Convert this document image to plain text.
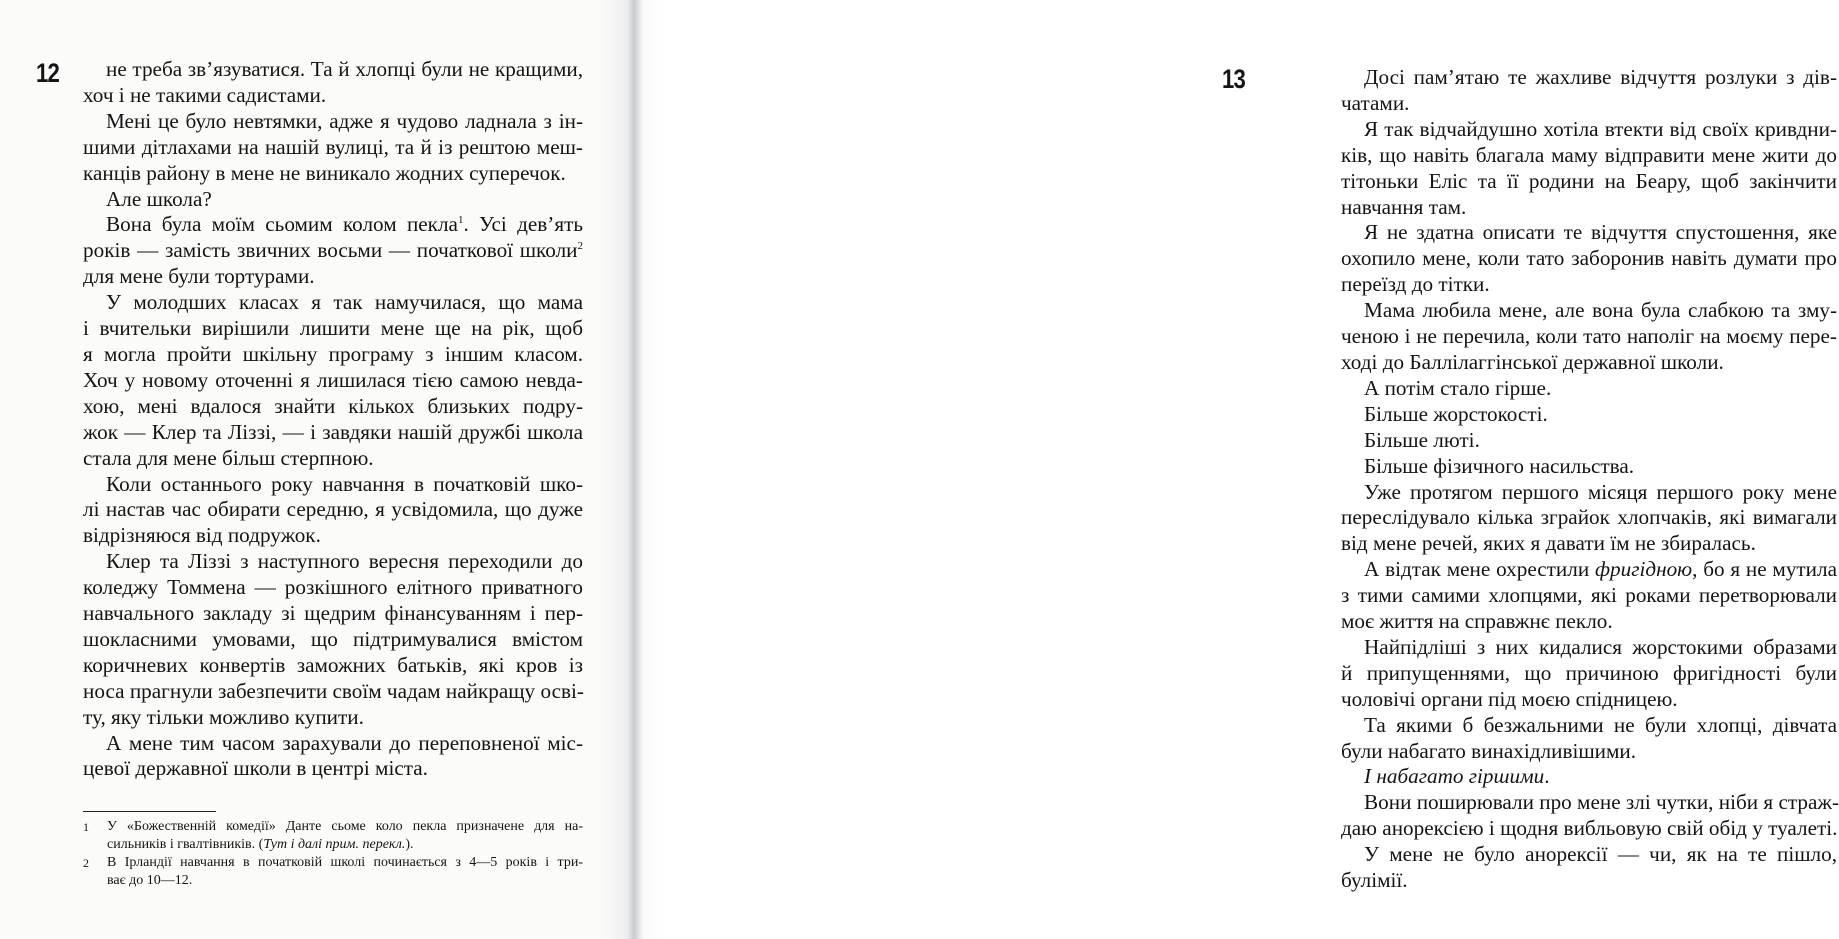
12	не треба зв’язуватися. Та й хлопці були не кращими,
хоч і не такими садистами.
Мені це було невтямки, адже я чудово ладнала з ін-
шими дітлахами на нашій вулиці, та й із рештою меш-
канців району в мене не виникало жодних суперечок.
Але школа?
Вона була моїм сьомим колом пекла$^1$. Усі дев’ять
років — замість звичних восьми — початкової школи$^2$
для мене були тортурами.
У молодших класах я так намучилася, що мама
і вчительки вирішили лишити мене ще на рік, щоб
я могла пройти шкільну програму з іншим класом.
Хоч у новому оточенні я лишилася тією самою невда-
хою, мені вдалося знайти кількох близьких подру-
жок — Клер та Ліззі, — і завдяки нашій дружбі школа
стала для мене більш стерпною.
Коли останнього року навчання в початковій шко-
лі настав час обирати середню, я усвідомила, що дуже
відрізняюся від подружок.
Клер та Ліззі з наступного вересня переходили до
коледжу Томмена — розкішного елітного приватного
навчального закладу зі щедрим фінансуванням і пер-
шокласними умовами, що підтримувалися вмістом
коричневих конвертів заможних батьків, які кров із
носа прагнули забезпечити своїм чадам найкращу осві-
ту, яку тільки можливо купити.
А мене тим часом зарахували до переповненої міс-
цевої державної школи в центрі міста.
1 У «Божественній комедії» Данте сьоме коло пекла призначене для на-
сильників і гвалтівників. (Тут і далі прим. перекл.).
2 В Ірландії навчання в початковій школі починається з 4—5 років і три-
ває до 10—12.
Досі пам’ятаю те жахливе відчуття розлуки з дів-
чатами.
Я так відчайдушно хотіла втекти від своїх кривдни-
ків, що навіть благала маму відправити мене жити до
тітоньки Еліс та її родини на Беару, щоб закінчити
навчання там.
Я не здатна описати те відчуття спустошення, яке
охопило мене, коли тато заборонив навіть думати про
переїзд до тітки.
Мама любила мене, але вона була слабкою та зму-
ченою і не перечила, коли тато наполіг на моєму пере-
ході до Баллілаггінської державної школи.
А потім стало гірше.
Більше жорстокості.
Більше люті.
Більше фізичного насильства.
Уже протягом першого місяця першого року мене
переслідувало кілька зграйок хлопчаків, які вимагали
від мене речей, яких я давати їм не збиралась.
А відтак мене охрестили фригідною, бо я не мутила
з тими самими хлопцями, які роками перетворювали
моє життя на справжнє пекло.
Найпідліші з них кидалися жорстокими образами
й припущеннями, що причиною фригідності були
чоловічі органи під моєю спідницею.
Та якими б безжальними не були хлопці, дівчата
були набагато винахідливішими.
І набагато гіршими.
Вони поширювали про мене злі чутки, ніби я страж-
даю анорексією і щодня вибльовую свій обід у туалеті.
У мене не було анорексії — чи, як на те пішло,
булімії.
13
